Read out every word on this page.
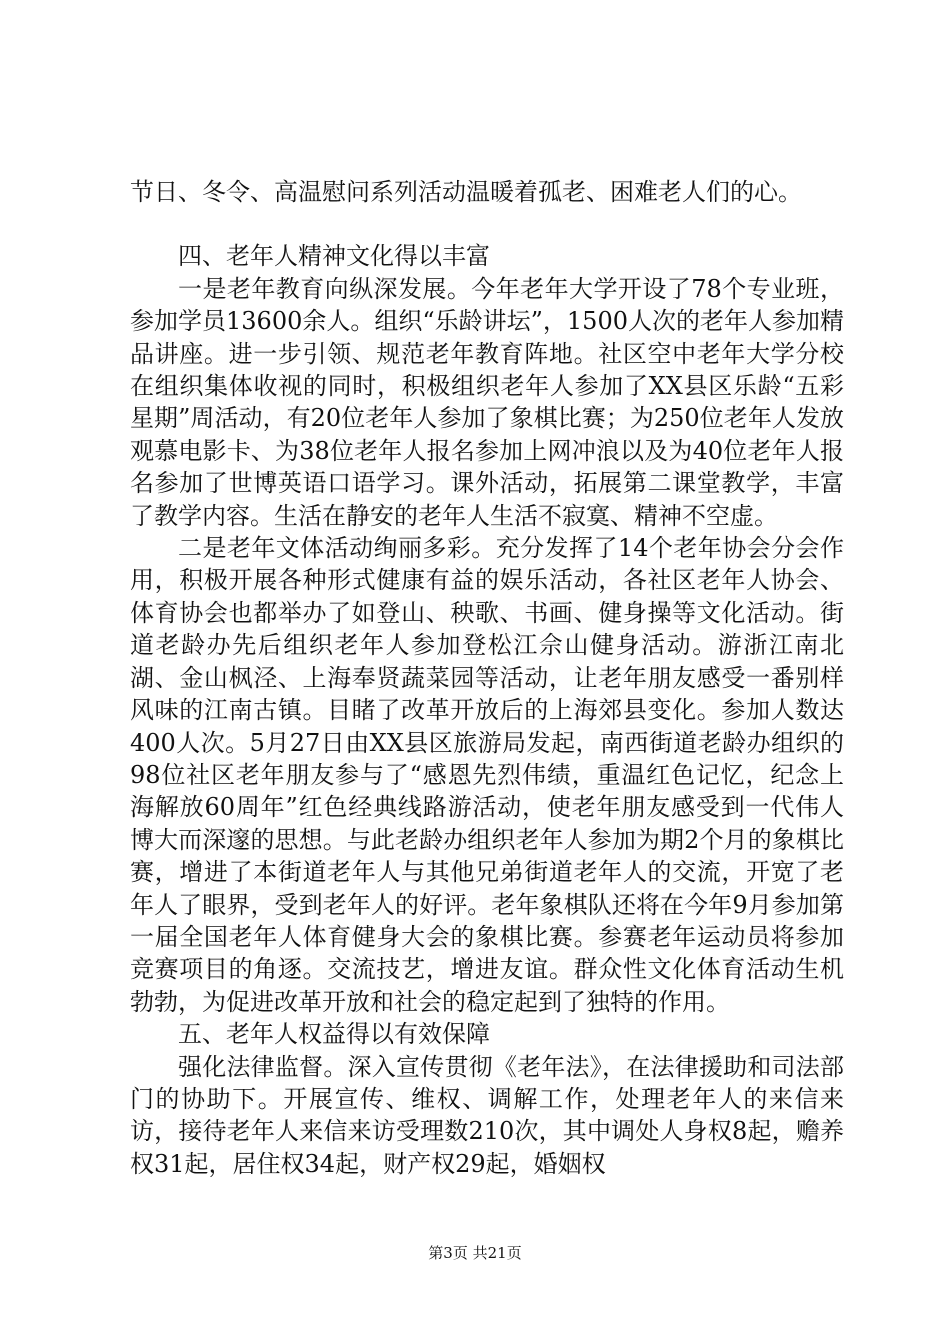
节日、冬令、高温慰问系列活动温暖着孤老、困难老人们的心。

四、老年人精神文化得以丰富

一是老年教育向纵深发展。今年老年大学开设了78个专业班，参加学员13600余人。组织“乐龄讲坛”，1500人次的老年人参加精品讲座。进一步引领、规范老年教育阵地。社区空中老年大学分校在组织集体收视的同时，积极组织老年人参加了XX县区乐龄“五彩星期”周活动，有20位老年人参加了象棋比赛；为250位老年人发放观慕电影卡、为38位老年人报名参加上网冲浪以及为40位老年人报名参加了世博英语口语学习。课外活动，拓展第二课堂教学，丰富了教学内容。生活在静安的老年人生活不寂寞、精神不空虚。

二是老年文体活动绚丽多彩。充分发挥了14个老年协会分会作用，积极开展各种形式健康有益的娱乐活动，各社区老年人协会、体育协会也都举办了如登山、秧歌、书画、健身操等文化活动。街道老龄办先后组织老年人参加登松江佘山健身活动。游浙江南北湖、金山枫泾、上海奉贤蔬菜园等活动，让老年朋友感受一番别样风味的江南古镇。目睹了改革开放后的上海郊县变化。参加人数达400人次。5月27日由XX县区旅游局发起，南西街道老龄办组织的98位社区老年朋友参与了“感恩先烈伟绩，重温红色记忆，纪念上海解放60周年”红色经典线路游活动，使老年朋友感受到一代伟人博大而深邃的思想。与此老龄办组织老年人参加为期2个月的象棋比赛，增进了本街道老年人与其他兄弟街道老年人的交流，开宽了老年人了眼界，受到老年人的好评。老年象棋队还将在今年9月参加第一届全国老年人体育健身大会的象棋比赛。参赛老年运动员将参加竞赛项目的角逐。交流技艺，增进友谊。群众性文化体育活动生机勃勃，为促进改革开放和社会的稳定起到了独特的作用。

五、老年人权益得以有效保障

强化法律监督。深入宣传贯彻《老年法》，在法律援助和司法部门的协助下。开展宣传、维权、调解工作，处理老年人的来信来访，接待老年人来信来访受理数210次，其中调处人身权8起，赡养权31起，居住权34起，财产权29起，婚姻权

第3页 共21页
